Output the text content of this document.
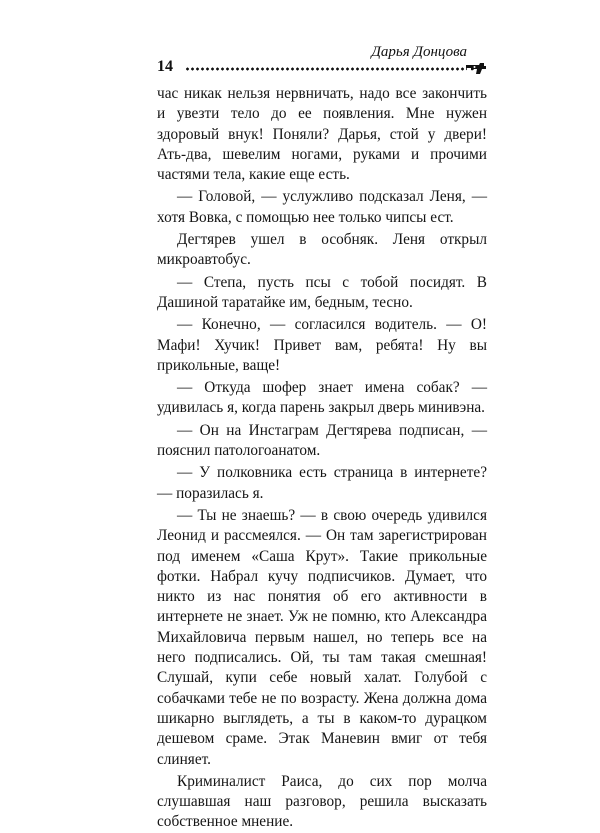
14
Дарья Донцова

час никак нельзя нервничать, надо все закончить и увезти тело до ее появления. Мне нужен здоровый внук! Поняли? Дарья, стой у двери! Ать-два, шевелим ногами, руками и прочими частями тела, какие еще есть.

— Головой, — услужливо подсказал Леня, — хотя Вовка, с помощью нее только чипсы ест.

Дегтярев ушел в особняк. Леня открыл микроавтобус.

— Степа, пусть псы с тобой посидят. В Дашиной таратайке им, бедным, тесно.

— Конечно, — согласился водитель. — О! Мафи! Хучик! Привет вам, ребята! Ну вы прикольные, ваще!

— Откуда шофер знает имена собак? — удивилась я, когда парень закрыл дверь минивэна.

— Он на Инстаграм Дегтярева подписан, — пояснил патологоанатом.

— У полковника есть страница в интернете? — поразилась я.

— Ты не знаешь? — в свою очередь удивился Леонид и рассмеялся. — Он там зарегистрирован под именем «Саша Крут». Такие прикольные фотки. Набрал кучу подписчиков. Думает, что никто из нас понятия об его активности в интернете не знает. Уж не помню, кто Александра Михайловича первым нашел, но теперь все на него подписались. Ой, ты там такая смешная! Слушай, купи себе новый халат. Голубой с собачками тебе не по возрасту. Жена должна дома шикарно выглядеть, а ты в каком-то дурацком дешевом сраме. Этак Маневин вмиг от тебя слиняет.

Криминалист Раиса, до сих пор молча слушавшая наш разговор, решила высказать собственное мнение.
